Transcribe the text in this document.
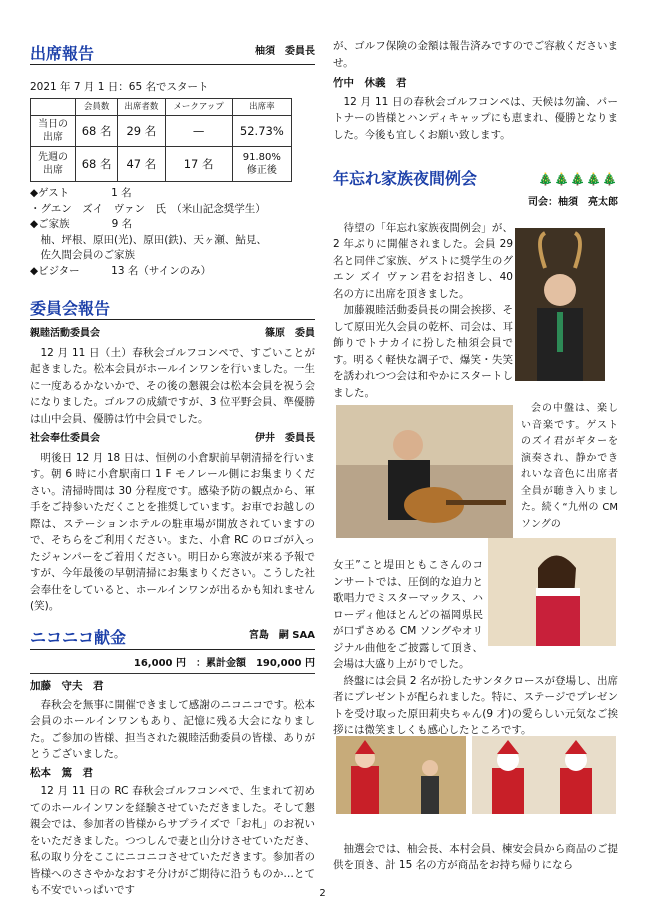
出席報告	柚須　委員長
2021 年 7 月 1 日：65 名でスタート
	会員数	出席者数	メークアップ	出席率
当日の
出席	68 名	29 名	—	52.73%
先週の
出席	68 名	47 名	17 名	91.80%
修正後
◆ゲスト　　　　1 名
・グエン　ズイ　ヴァン　氏　（米山記念奨学生）
◆ご家族　　　　9 名
　柚、坪根、原田(光)、原田(鉄)、天ヶ瀬、鮎見、
　佐久間会員のご家族
◆ビジター　　　13 名（サインのみ）
委員会報告
親睦活動委員会	篠原　委員

12 月 11 日（土）春秋会ゴルフコンペで、すごいことが起きました。松本会員がホールインワンを行いました。一生に一度あるかないかで、その後の懇親会は松本会員を祝う会になりました。ゴルフの成績ですが、3 位平野会員、準優勝は山中会員、優勝は竹中会員でした。

社会奉仕委員会	伊井　委員長

明後日 12 月 18 日は、恒例の小倉駅前早朝清掃を行います。朝 6 時に小倉駅南口 1 F モノレール側にお集まりください。清掃時間は 30 分程度です。感染予防の観点から、軍手をご持参いただくことを推奨しています。お車でお越しの際は、ステーションホテルの駐車場が開放されていますので、そちらをご利用ください。また、小倉 RC のロゴが入ったジャンパーをご着用ください。明日から寒波が来る予報ですが、今年最後の早朝清掃にお集まりください。こうした社会奉仕をしていると、ホールインワンが出るかも知れません(笑)。

ニコニコ献金	宮島　嗣 SAA
16,000 円　：累計金額　190,000 円
加藤　守夫　君

春秋会を無事に開催できまして感謝のニコニコです。松本会員のホールインワンもあり、記憶に残る大会になりました。ご参加の皆様、担当された親睦活動委員の皆様、ありがとうございました。

松本　篤　君

12 月 11 日の RC 春秋会ゴルフコンペで、生まれて初めてのホールインワンを経験させていただきました。そして懇親会では、参加者の皆様からサプライズで「お札」のお祝いをいただきました。つつしんで妻と山分けさせていただき、私の取り分をここにニコニコさせていただきます。参加者の皆様へのささやかなおすそ分けがご期待に沿うものか…とても不安でいっぱいです

が、ゴルフ保険の金額は報告済みですのでご容赦くださいませ。

竹中　休義　君

12 月 11 日の春秋会ゴルフコンペは、天候は勿論、パートナーの皆様とハンディキャップにも恵まれ、優勝となりました。今後も宜しくお願い致します。

年忘れ家族夜間例会	🎄🎄🎄🎄🎄
司会：柚須　亮太郎

待望の「年忘れ家族夜間例会」が、2 年ぶりに開催されました。会員 29 名と同伴ご家族、ゲストに奨学生のグエン ズイ ヴァン君をお招きし、40 名の方に出席を頂きました。

加藤親睦活動委員長の開会挨拶、そして原田光久会員の乾杯、司会は、耳飾りでトナカイに扮した柚須会員です。明るく軽快な調子で、爆笑・失笑を誘われつつ会は和やかにスタートしました。

会の中盤は、楽しい音楽です。ゲストのズイ君がギターを演奏され、静かできれいな音色に出席者全員が聴き入りました。続く“九州の CM ソングの

女王”こと堤田ともこさんのコンサートでは、圧倒的な迫力と歌唱力でミスターマックス、ハローディ他ほとんどの福岡県民が口ずさめる CM ソングやオリジナル曲他をご披露して頂き、会場は大盛り上がりでした。

終盤には会員 2 名が扮したサンタクロースが登場し、出席者にプレゼントが配られました。特に、ステージでプレゼントを受け取った原田莉央ちゃん(9 才)の愛らしい元気なご挨拶には微笑ましくも感心したところです。

抽選会では、柚会長、本村会員、楝安会員から商品のご提供を頂き、計 15 名の方が商品をお持ち帰りになら

2
